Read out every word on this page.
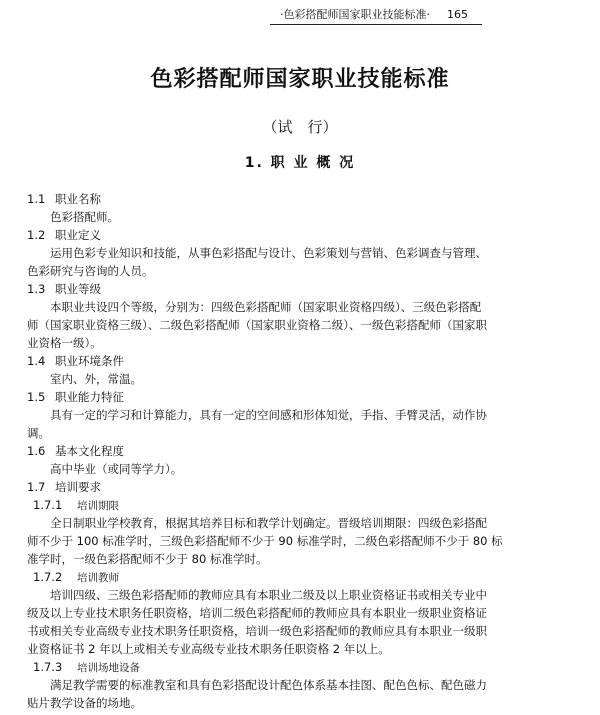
·色彩搭配师国家职业技能标准· 165
色彩搭配师国家职业技能标准
（试　行）
1. 职 业 概 况
1.1 职业名称
色彩搭配师。
1.2 职业定义
运用色彩专业知识和技能，从事色彩搭配与设计、色彩策划与营销、色彩调查与管理、
色彩研究与咨询的人员。
1.3 职业等级
本职业共设四个等级，分别为：四级色彩搭配师（国家职业资格四级）、三级色彩搭配
师（国家职业资格三级）、二级色彩搭配师（国家职业资格二级）、一级色彩搭配师（国家职
业资格一级）。
1.4 职业环境条件
室内、外，常温。
1.5 职业能力特征
具有一定的学习和计算能力，具有一定的空间感和形体知觉，手指、手臂灵活，动作协
调。
1.6 基本文化程度
高中毕业（或同等学力）。
1.7 培训要求
1.7.1 培训期限
全日制职业学校教育，根据其培养目标和教学计划确定。晋级培训期限：四级色彩搭配
师不少于 100 标准学时，三级色彩搭配师不少于 90 标准学时，二级色彩搭配师不少于 80 标
准学时，一级色彩搭配师不少于 80 标准学时。
1.7.2 培训教师
培训四级、三级色彩搭配师的教师应具有本职业二级及以上职业资格证书或相关专业中
级及以上专业技术职务任职资格，培训二级色彩搭配师的教师应具有本职业一级职业资格证
书或相关专业高级专业技术职务任职资格，培训一级色彩搭配师的教师应具有本职业一级职
业资格证书 2 年以上或相关专业高级专业技术职务任职资格 2 年以上。
1.7.3 培训场地设备
满足教学需要的标准教室和具有色彩搭配设计配色体系基本挂图、配色色标、配色磁力
贴片教学设备的场地。
